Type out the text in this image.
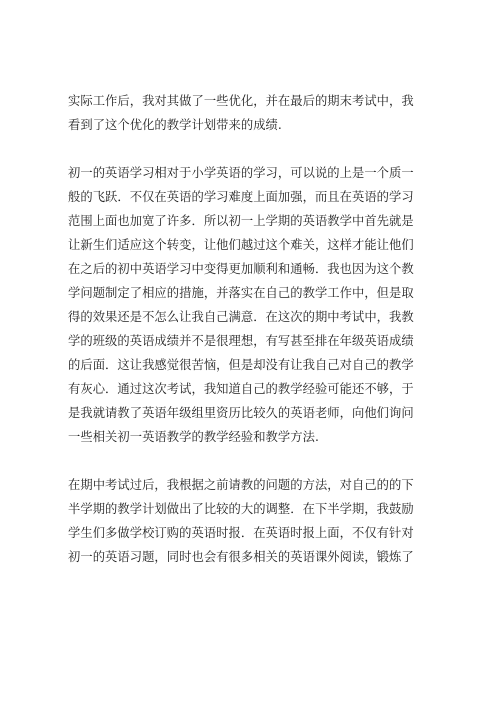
实际工作后，我对其做了一些优化，并在最后的期末考试中，我
看到了这个优化的教学计划带来的成绩.

初一的英语学习相对于小学英语的学习，可以说的上是一个质一
般的飞跃．不仅在英语的学习难度上面加强，而且在英语的学习
范围上面也加宽了许多．所以初一上学期的英语教学中首先就是
让新生们适应这个转变，让他们越过这个难关，这样才能让他们
在之后的初中英语学习中变得更加顺利和通畅．我也因为这个教
学问题制定了相应的措施，并落实在自己的教学工作中，但是取
得的效果还是不怎么让我自己满意．在这次的期中考试中，我教
学的班级的英语成绩并不是很理想，有写甚至排在年级英语成绩
的后面．这让我感觉很苦恼，但是却没有让我自己对自己的教学
有灰心．通过这次考试，我知道自己的教学经验可能还不够，于
是我就请教了英语年级组里资历比较久的英语老师，向他们询问
一些相关初一英语教学的教学经验和教学方法.

在期中考试过后，我根据之前请教的问题的方法，对自己的的下
半学期的教学计划做出了比较的大的调整．在下半学期，我鼓励
学生们多做学校订购的英语时报．在英语时报上面，不仅有针对
初一的英语习题，同时也会有很多相关的英语课外阅读，锻炼了
